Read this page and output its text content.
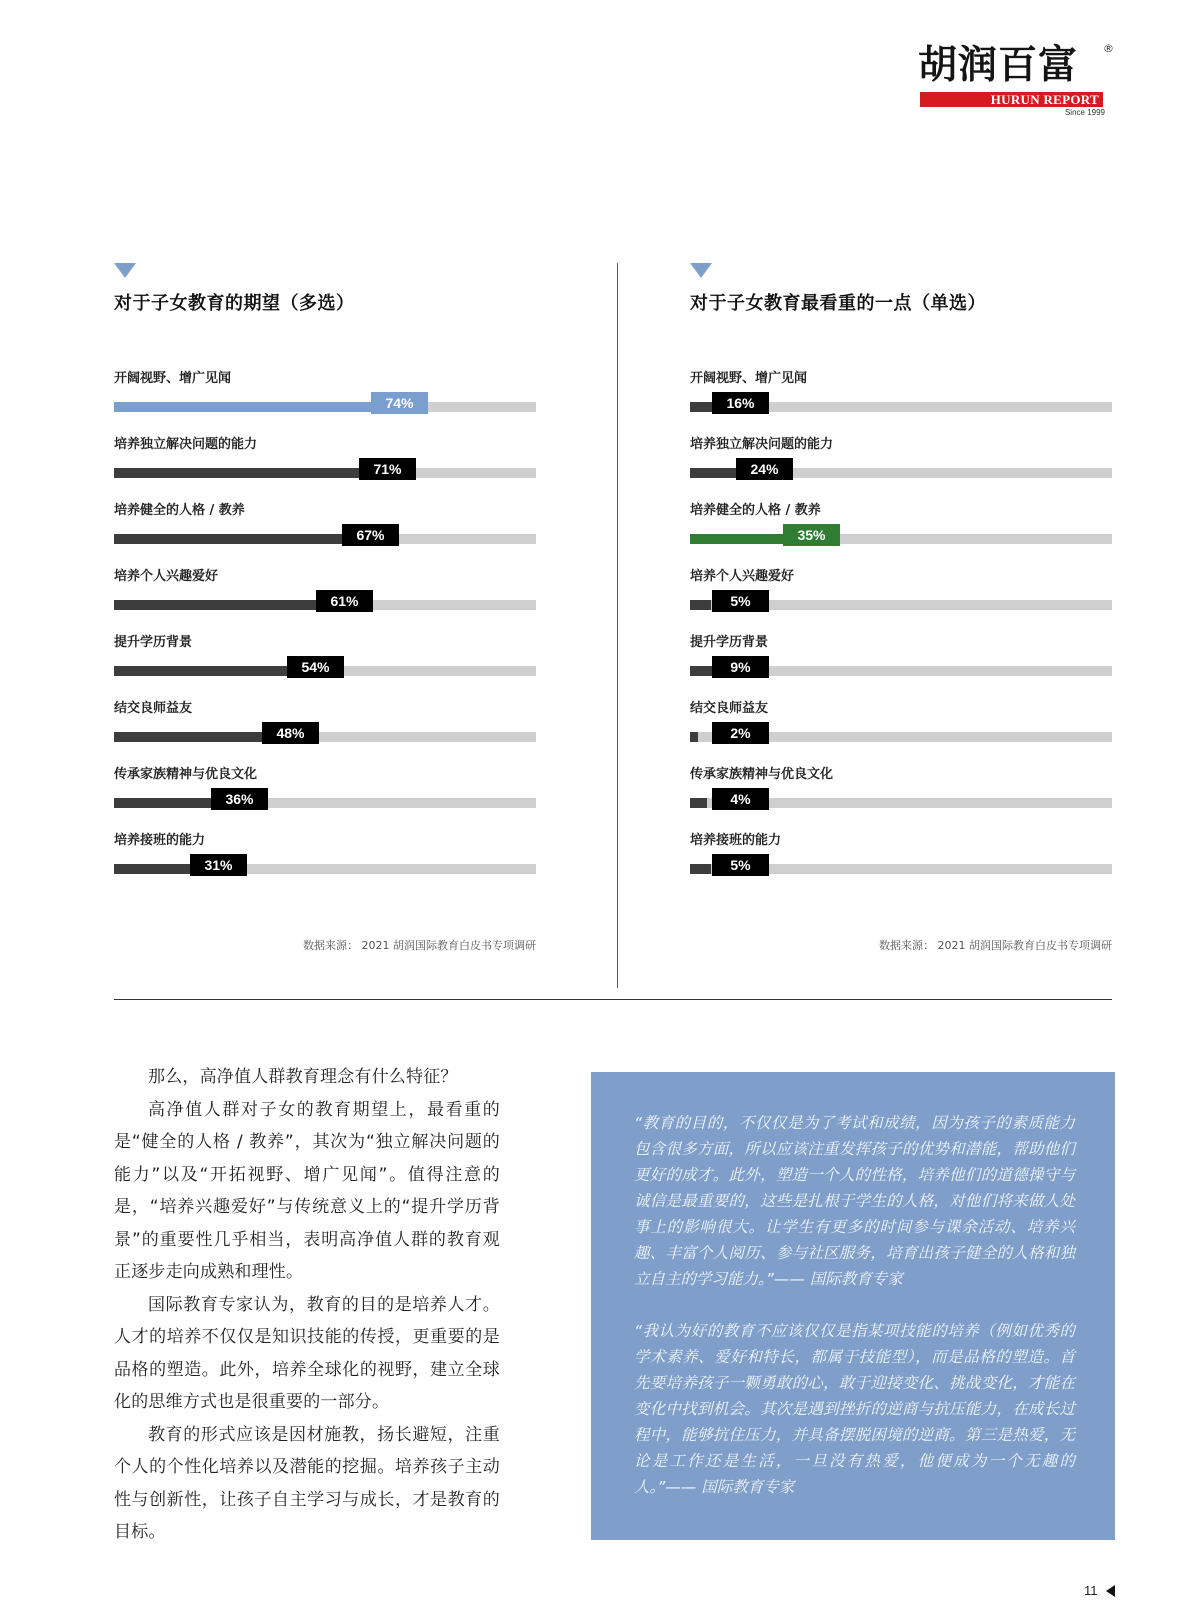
胡润百富 ®
HURUN REPORT
Since 1999
对于子女教育的期望（多选）
数据来源： 2021 胡润国际教育白皮书专项调研
开阔视野、增广见闻
74%
培养独立解决问题的能力
71%
培养健全的人格 / 教养
67%
培养个人兴趣爱好
61%
提升学历背景
54%
结交良师益友
48%
传承家族精神与优良文化
36%
培养接班的能力
31%
对于子女教育最看重的一点（单选）
数据来源： 2021 胡润国际教育白皮书专项调研
开阔视野、增广见闻
16%
培养独立解决问题的能力
24%
培养健全的人格 / 教养
35%
培养个人兴趣爱好
5%
提升学历背景
9%
结交良师益友
2%
传承家族精神与优良文化
4%
培养接班的能力
5%

那么，高净值人群教育理念有什么特征？

高净值人群对子女的教育期望上，最看重的是“健全的人格 / 教养”，其次为“独立解决问题的能力”以及“开拓视野、增广见闻”。值得注意的是，“培养兴趣爱好”与传统意义上的“提升学历背景”的重要性几乎相当，表明高净值人群的教育观正逐步走向成熟和理性。

国际教育专家认为，教育的目的是培养人才。人才的培养不仅仅是知识技能的传授，更重要的是品格的塑造。此外，培养全球化的视野，建立全球化的思维方式也是很重要的一部分。

教育的形式应该是因材施教，扬长避短，注重个人的个性化培养以及潜能的挖掘。培养孩子主动性与创新性，让孩子自主学习与成长，才是教育的目标。

“教育的目的，不仅仅是为了考试和成绩，因为孩子的素质能力包含很多方面，所以应该注重发挥孩子的优势和潜能，帮助他们更好的成才。此外，塑造一个人的性格，培养他们的道德操守与诚信是最重要的，这些是扎根于学生的人格，对他们将来做人处事上的影响很大。让学生有更多的时间参与课余活动、培养兴趣、丰富个人阅历、参与社区服务，培育出孩子健全的人格和独立自主的学习能力。”—— 国际教育专家

“我认为好的教育不应该仅仅是指某项技能的培养（例如优秀的学术素养、爱好和特长，都属于技能型），而是品格的塑造。首先要培养孩子一颗勇敢的心，敢于迎接变化、挑战变化，才能在变化中找到机会。其次是遇到挫折的逆商与抗压能力，在成长过程中，能够抗住压力，并具备摆脱困境的逆商。第三是热爱，无论是工作还是生活，一旦没有热爱，他便成为一个无趣的人。”—— 国际教育专家

11
